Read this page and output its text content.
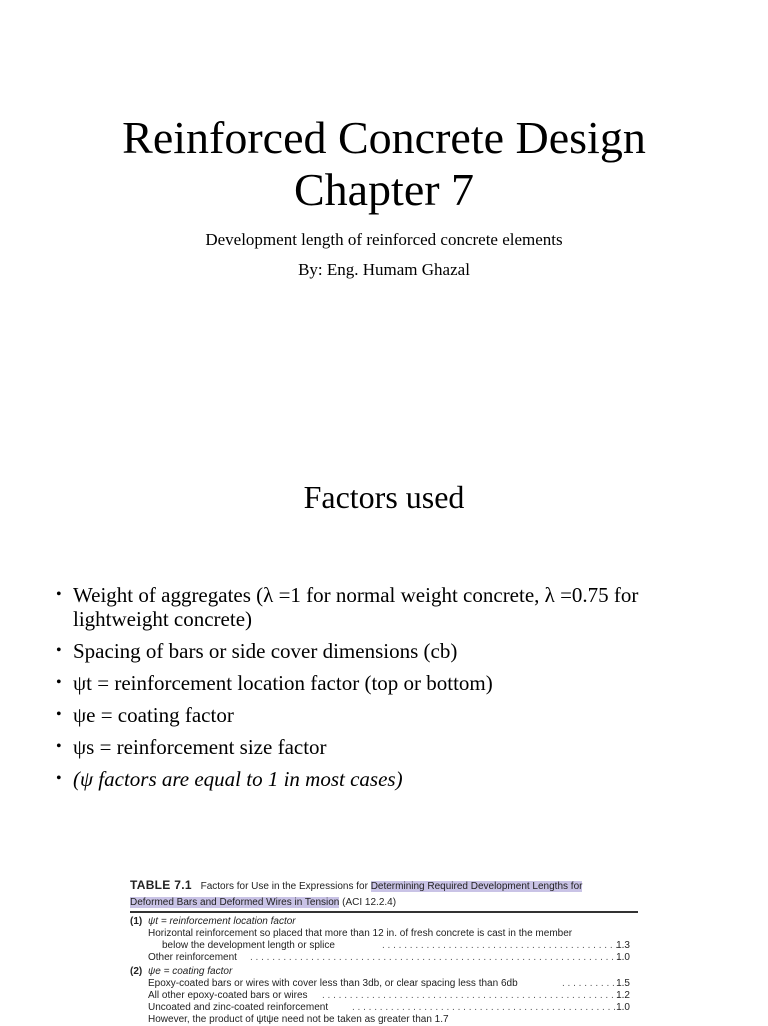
Reinforced Concrete Design
Chapter 7
Development length of reinforced concrete elements
By: Eng. Humam Ghazal
Factors used
• Weight of aggregates (λ =1 for normal weight concrete, λ =0.75 for lightweight concrete)
• Spacing of bars or side cover dimensions (cb)
• ψt = reinforcement location factor (top or bottom)
• ψe = coating factor
• ψs = reinforcement size factor
• (ψ factors are equal to 1 in most cases)
TABLE 7.1 Factors for Use in the Expressions for Determining Required Development Lengths for
Deformed Bars and Deformed Wires in Tension (ACI 12.2.4)
(1) ψt = reinforcement location factor
Horizontal reinforcement so placed that more than 12 in. of fresh concrete is cast in the member
below the development length or splice	. . . . . . . . . . . . . . . . . . . . . . . . . . . . . . . . . . . . . . . . . . .
1.3
Other reinforcement . . . . . . . . . . . . . . . . . . . . . . . . . . . . . . . . . . . . . . . . . . . . . . . . . . . . . . . . . . . . . . . . . . .
1.0
(2) ψe = coating factor
Epoxy-coated bars or wires with cover less than 3db, or clear spacing less than 6db	. . . . . . . . . . 1.5
All other epoxy-coated bars or wires . . . . . . . . . . . . . . . . . . . . . . . . . . . . . . . . . . . . . . . . . . . . . . . . . . . . . .
1.2
Uncoated and zinc-coated reinforcement . . . . . . . . . . . . . . . . . . . . . . . . . . . . . . . . . . . . . . . . . . . . . . . . 1.0
However, the product of ψtψe need not be taken as greater than 1.7
